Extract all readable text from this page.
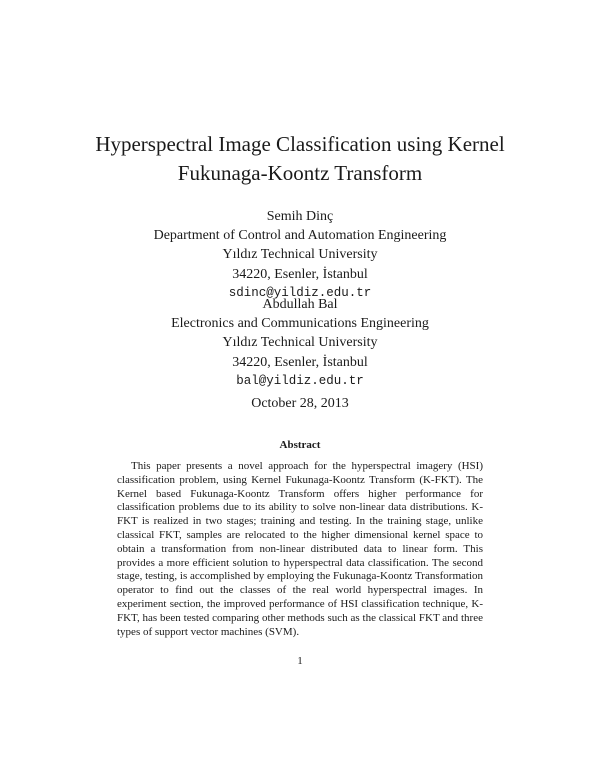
Hyperspectral Image Classification using Kernel
Fukunaga-Koontz Transform
Semih Dinç
Department of Control and Automation Engineering
Yıldız Technical University
34220, Esenler, İstanbul
sdinc@yildiz.edu.tr
Abdullah Bal
Electronics and Communications Engineering
Yıldız Technical University
34220, Esenler, İstanbul
bal@yildiz.edu.tr
October 28, 2013
Abstract

This paper presents a novel approach for the hyperspectral imagery (HSI) classification problem, using Kernel Fukunaga-Koontz Transform (K-FKT). The Kernel based Fukunaga-Koontz Transform offers higher performance for classification problems due to its ability to solve non-linear data distributions. K-FKT is realized in two stages; training and testing. In the training stage, unlike classical FKT, samples are relocated to the higher dimensional kernel space to obtain a transformation from non-linear distributed data to linear form. This provides a more efficient solution to hyperspectral data classification. The second stage, testing, is accomplished by employing the Fukunaga-Koontz Transformation operator to find out the classes of the real world hyperspectral images. In experiment section, the improved performance of HSI classification technique, K-FKT, has been tested comparing other methods such as the classical FKT and three types of support vector machines (SVM).

1
